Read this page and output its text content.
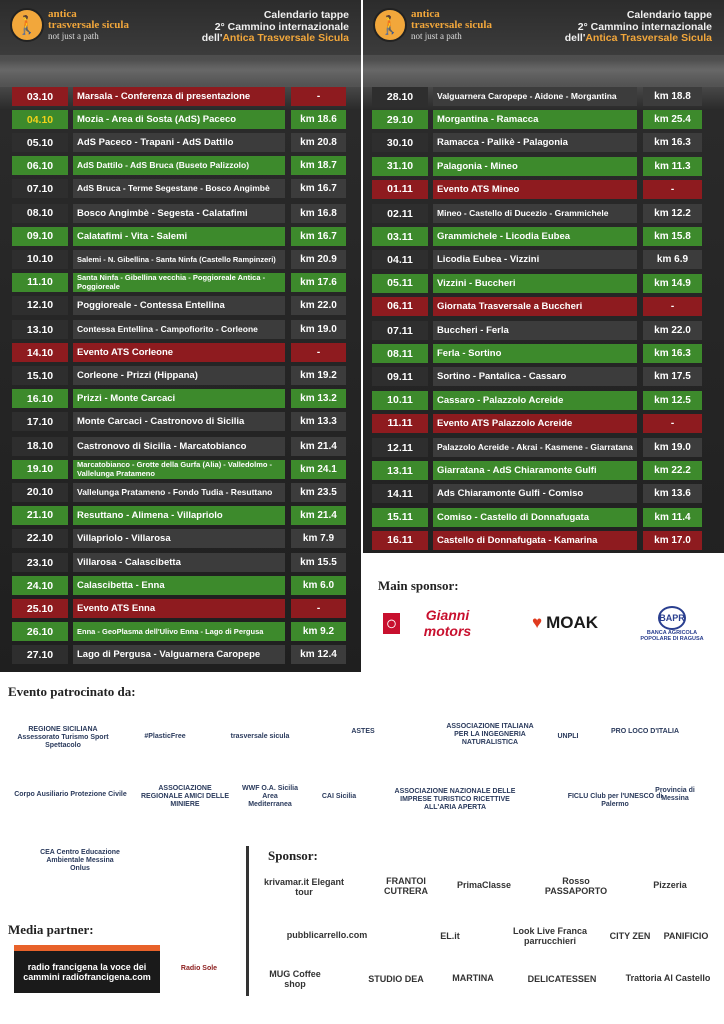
🚶
antica
trasversale sicula
not just a path
Calendario tappe
2° Cammino internazionale
dell'Antica Trasversale Sicula
03.10	Marsala - Conferenza di presentazione	-
04.10	Mozia - Area di Sosta (AdS) Paceco	km 18.6
05.10	AdS Paceco - Trapani - AdS Dattilo	km 20.8
06.10	AdS Dattilo - AdS Bruca (Buseto Palizzolo)	km 18.7
07.10	AdS Bruca - Terme Segestane - Bosco Angimbè	km 16.7
08.10	Bosco Angimbè - Segesta - Calatafimi	km 16.8
09.10	Calatafimi - Vita - Salemi	km 16.7
10.10	Salemi - N. Gibellina - Santa Ninfa (Castello Rampinzeri)	km 20.9
11.10	Santa Ninfa - Gibellina vecchia - Poggioreale Antica - Poggioreale	km 17.6
12.10	Poggioreale - Contessa Entellina	km 22.0
13.10	Contessa Entellina - Campofiorito - Corleone	km 19.0
14.10	Evento ATS Corleone	-
15.10	Corleone - Prizzi (Hippana)	km 19.2
16.10	Prizzi - Monte Carcaci	km 13.2
17.10	Monte Carcaci - Castronovo di Sicilia	km 13.3
18.10	Castronovo di Sicilia - Marcatobianco	km 21.4
19.10	Marcatobianco - Grotte della Gurfa (Alia) - Valledolmo - Vallelunga Pratameno	km 24.1
20.10	Vallelunga Pratameno - Fondo Tudia - Resuttano	km 23.5
21.10	Resuttano - Alimena - Villapriolo	km 21.4
22.10	Villapriolo - Villarosa	km 7.9
23.10	Villarosa - Calascibetta	km 15.5
24.10	Calascibetta - Enna	km 6.0
25.10	Evento ATS Enna	-
26.10	Enna - GeoPlasma dell'Ulivo Enna - Lago di Pergusa	km 9.2
27.10	Lago di Pergusa - Valguarnera Caropepe	km 12.4
🚶
antica
trasversale sicula
not just a path
Calendario tappe
2° Cammino internazionale
dell'Antica Trasversale Sicula
28.10	Valguarnera Caropepe - Aidone - Morgantina	km 18.8
29.10	Morgantina - Ramacca	km 25.4
30.10	Ramacca - Palikè - Palagonia	km 16.3
31.10	Palagonia - Mineo	km 11.3
01.11	Evento ATS Mineo	-
02.11	Mineo - Castello di Ducezio - Grammichele	km 12.2
03.11	Grammichele - Licodia Eubea	km 15.8
04.11	Licodia Eubea - Vizzini	km 6.9
05.11	Vizzini - Buccheri	km 14.9
06.11	Giornata Trasversale a Buccheri	-
07.11	Buccheri - Ferla	km 22.0
08.11	Ferla - Sortino	km 16.3
09.11	Sortino - Pantalica - Cassaro	km 17.5
10.11	Cassaro - Palazzolo Acreide	km 12.5
11.11	Evento ATS Palazzolo Acreide	-
12.11	Palazzolo Acreide - Akrai - Kasmene - Giarratana	km 19.0
13.11	Giarratana - AdS Chiaramonte Gulfi	km 22.2
14.11	Ads Chiaramonte Gulfi - Comiso	km 13.6
15.11	Comiso - Castello di Donnafugata	km 11.4
16.11	Castello di Donnafugata - Kamarina	km 17.0
Main sponsor:
◯	Gianni motors	♥ MOAK	BAPR
BANCA AGRICOLA POPOLARE DI RAGUSA
Evento patrocinato da:
REGIONE SICILIANA Assessorato Turismo Sport Spettacolo
#PlasticFree	trasversale sicula
ASTES
ASSOCIAZIONE ITALIANA PER LA INGEGNERIA NATURALISTICA
UNPLI
PRO LOCO D'ITALIA
Corpo Ausiliario Protezione Civile
ASSOCIAZIONE REGIONALE AMICI DELLE MINIERE
WWF O.A. Sicilia Area Mediterranea
CAI Sicilia
ASSOCIAZIONE NAZIONALE DELLE IMPRESE TURISTICO RICETTIVE ALL'ARIA APERTA
FICLU Club per l'UNESCO di Palermo
Provincia di Messina
CEA Centro Educazione Ambientale Messina Onlus
Media partner:
radio francigena la voce dei cammini radiofrancigena.com
Radio Sole
Sponsor:
krivamar.it Elegant tour
FRANTOI CUTRERA
PrimaClasse	Rosso PASSAPORTO
Pizzeria
pubblicarrello.com	EL.it	Look Live Franca parrucchieri	CITY ZEN PANIFICIO
MUG Coffee shop	STUDIO DEA	MARTINA	DELICATESSEN	Trattoria Al Castello
